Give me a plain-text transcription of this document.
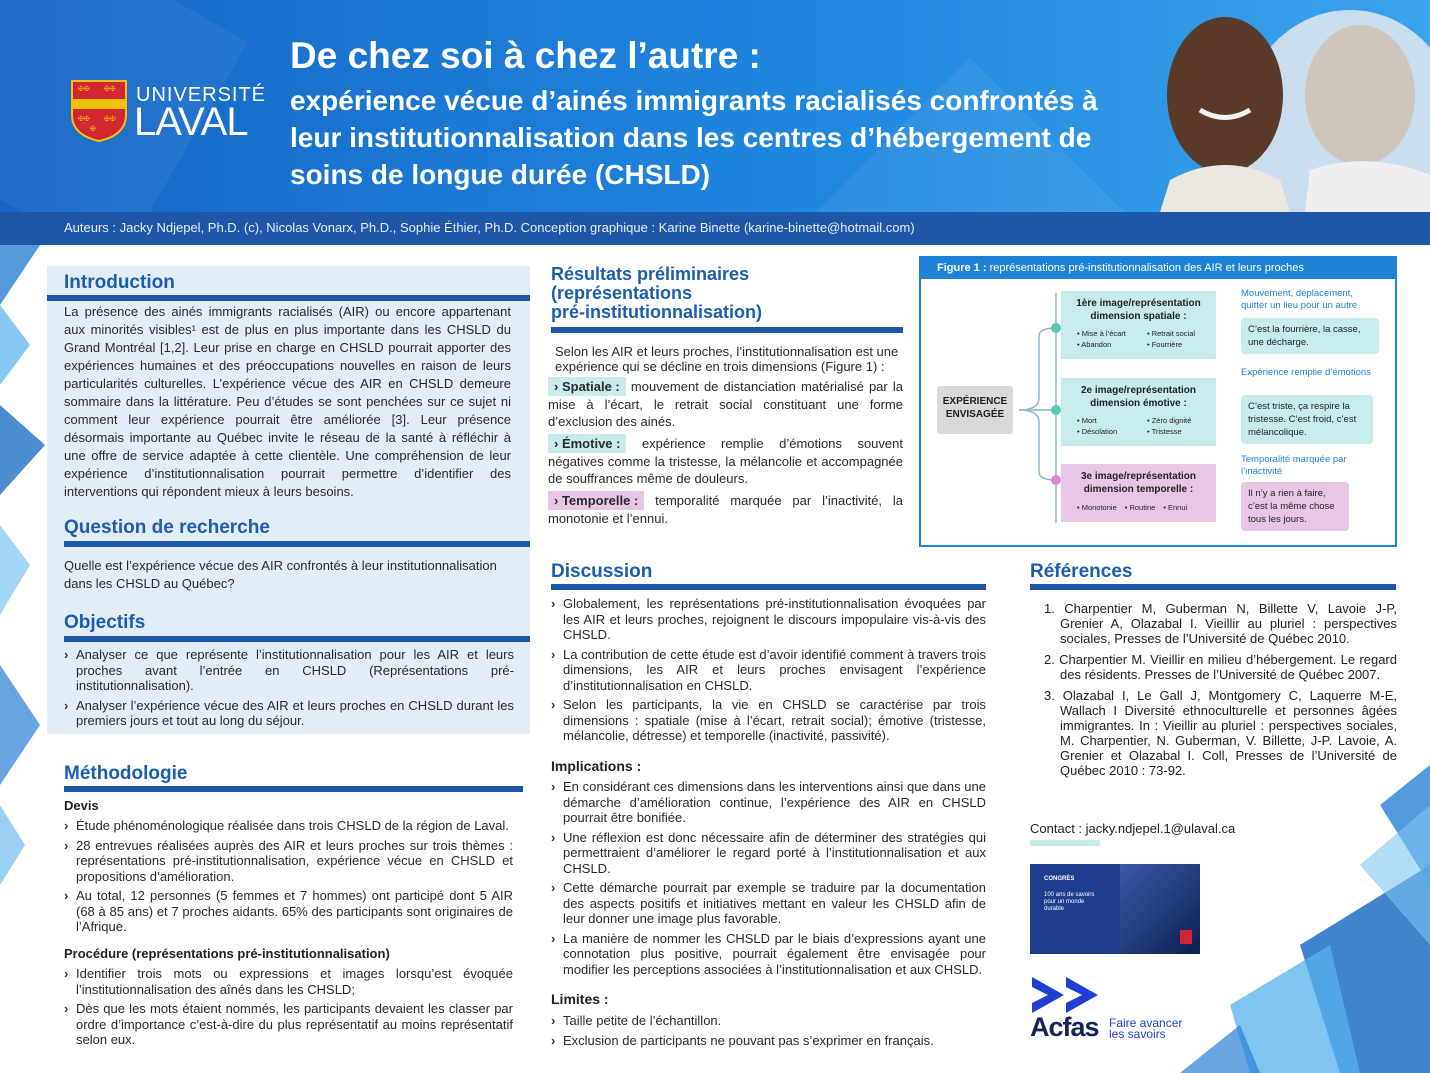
✠✠ ✠✠
✠✠ ✠✠
✠
UNIVERSITÉ
LAVAL
De chez soi à chez l’autre :
expérience vécue d’ainés immigrants racialisés confrontés à leur institutionnalisation dans les centres d’hébergement de soins de longue durée (CHSLD)
Auteurs : Jacky Ndjepel, Ph.D. (c), Nicolas Vonarx, Ph.D., Sophie Éthier, Ph.D. Conception graphique : Karine Binette (karine-binette@hotmail.com)
Introduction
La présence des ainés immigrants racialisés (AIR) ou encore appartenant aux minorités visibles¹ est de plus en plus importante dans les CHSLD du Grand Montréal [1,2]. Leur prise en charge en CHSLD pourrait apporter des expériences humaines et des préoccupations nouvelles en raison de leurs particularités culturelles. L’expérience vécue des AIR en CHSLD demeure sommaire dans la littérature. Peu d’études se sont penchées sur ce sujet ni comment leur expérience pourrait être améliorée [3]. Leur présence désormais importante au Québec invite le réseau de la santé à réfléchir à une offre de service adaptée à cette clientèle. Une compréhension de leur expérience d’institutionnalisation pourrait permettre d’identifier des interventions qui répondent mieux à leurs besoins.
Question de recherche
Quelle est l’expérience vécue des AIR confrontés à leur institutionnalisation dans les CHSLD au Québec?
Objectifs
› Analyser ce que représente l’institutionnalisation pour les AIR et leurs proches avant l’entrée en CHSLD (Représentations pré-institutionnalisation).
› Analyser l’expérience vécue des AIR et leurs proches en CHSLD durant les premiers jours et tout au long du séjour.
Méthodologie
Devis
› Étude phénoménologique réalisée dans trois CHSLD de la région de Laval.
› 28 entrevues réalisées auprès des AIR et leurs proches sur trois thèmes : représentations pré-institutionnalisation, expérience vécue en CHSLD et propositions d’amélioration.
› Au total, 12 personnes (5 femmes et 7 hommes) ont participé dont 5 AIR (68 à 85 ans) et 7 proches aidants. 65% des participants sont originaires de l’Afrique.
Procédure (représentations pré-institutionnalisation)
› Identifier trois mots ou expressions et images lorsqu’est évoquée l’institutionnalisation des aînés dans les CHSLD;
› Dès que les mots étaient nommés, les participants devaient les classer par ordre d’importance c’est-à-dire du plus représentatif au moins représentatif selon eux.
Résultats préliminaires
(représentations
pré-institutionnalisation)
Selon les AIR et leurs proches, l’institutionnalisation est une expérience qui se décline en trois dimensions (Figure 1) :
› Spatiale : mouvement de distanciation matérialisé par la mise à l’écart, le retrait social constituant une forme d’exclusion des ainés.
› Émotive : expérience remplie d’émotions souvent négatives comme la tristesse, la mélancolie et accompagnée de souffrances même de douleurs.
› Temporelle : temporalité marquée par l’inactivité, la monotonie et l’ennui.
Figure 1 : représentations pré-institutionnalisation des AIR et leurs proches
EXPÉRIENCE ENVISAGÉE
1ère image/représentation dimension spatiale :
• Mise à l’écart	• Retrait social
• Abandon	• Fourrière
2e image/représentation dimension émotive :
• Mort	• Zéro dignité
• Désolation	• Tristesse
3e image/représentation dimension temporelle :
• Monotonie • Routine • Ennui
Mouvement, déplacement, quitter un lieu pour un autre
C’est la fourrière, la casse, une décharge.
Expérience remplie d’émotions
C’est triste, ça respire la tristesse. C’est froid, c’est mélancolique.
Temporalité marquée par l’inactivité
Il n’y a rien à faire, c’est la même chose tous les jours.
Discussion
› Globalement, les représentations pré-institutionnalisation évoquées par les AIR et leurs proches, rejoignent le discours impopulaire vis-à-vis des CHSLD.
› La contribution de cette étude est d’avoir identifié comment à travers trois dimensions, les AIR et leurs proches envisagent l’expérience d’institutionnalisation en CHSLD.
› Selon les participants, la vie en CHSLD se caractérise par trois dimensions : spatiale (mise à l’écart, retrait social); émotive (tristesse, mélancolie, détresse) et temporelle (inactivité, passivité).
Implications :
› En considérant ces dimensions dans les interventions ainsi que dans une démarche d’amélioration continue, l’expérience des AIR en CHSLD pourrait être bonifiée.
› Une réflexion est donc nécessaire afin de déterminer des stratégies qui permettraient d’améliorer le regard porté à l’institutionnalisation et aux CHSLD.
› Cette démarche pourrait par exemple se traduire par la documentation des aspects positifs et initiatives mettant en valeur les CHSLD afin de leur donner une image plus favorable.
› La manière de nommer les CHSLD par le biais d’expressions ayant une connotation plus positive, pourrait également être envisagée pour modifier les perceptions associées à l’institutionnalisation et aux CHSLD.
Limites :
› Taille petite de l’échantillon.
› Exclusion de participants ne pouvant pas s’exprimer en français.
Références
1. Charpentier M, Guberman N, Billette V, Lavoie J-P, Grenier A, Olazabal I. Vieillir au pluriel : perspectives sociales, Presses de l’Université de Québec 2010.
2. Charpentier M. Vieillir en milieu d’hébergement. Le regard des résidents. Presses de l’Université de Québec 2007.
3. Olazabal I, Le Gall J, Montgomery C, Laquerre M-E, Wallach I Diversité ethnoculturelle et personnes âgées immigrantes. In : Vieillir au pluriel : perspectives sociales, M. Charpentier, N. Guberman, V. Billette, J-P. Lavoie, A. Grenier et Olazabal I. Coll, Presses de l’Université de Québec 2010 : 73-92.
Contact : jacky.ndjepel.1@ulaval.ca
CONGRÈS
100 ans de savoirs pour un monde durable
Acfas Faire avancer
les savoirs
